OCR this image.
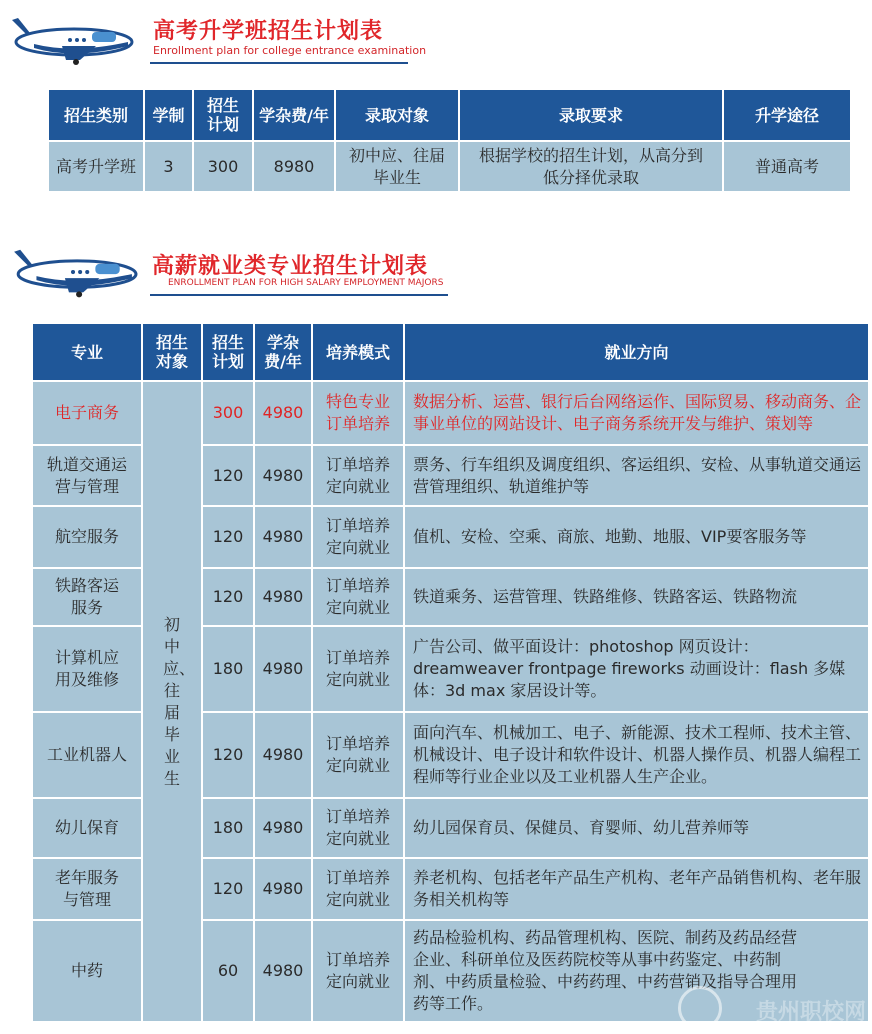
高考升学班招生计划表
Enrollment plan for college entrance examination
招生类别	学制	招生计划	学杂费/年	录取对象	录取要求	升学途径
高考升学班	3	300	8980	初中应、往届毕业生	根据学校的招生计划，从高分到低分择优录取	普通高考
高薪就业类专业招生计划表
ENROLLMENT PLAN FOR HIGH SALARY EMPLOYMENT MAJORS
专业	招生对象	招生计划	学杂费/年	培养模式	就业方向
电子商务	初中应、往届毕业生	300	4980	特色专业订单培养	数据分析、运营、银行后台网络运作、国际贸易、移动商务、企事业单位的网站设计、电子商务系统开发与维护、策划等
轨道交通运营与管理		120	4980	订单培养定向就业	票务、行车组织及调度组织、客运组织、安检、从事轨道交通运营管理组织、轨道维护等
航空服务		120	4980	订单培养定向就业	值机、安检、空乘、商旅、地勤、地服、VIP要客服务等
铁路客运服务		120	4980	订单培养定向就业	铁道乘务、运营管理、铁路维修、铁路客运、铁路物流
计算机应用及维修		180	4980	订单培养定向就业	广告公司、做平面设计：photoshop 网页设计：dreamweaver frontpage fireworks 动画设计：flash 多媒体：3d max 家居设计等。
工业机器人		120	4980	订单培养定向就业	面向汽车、机械加工、电子、新能源、技术工程师、技术主管、机械设计、电子设计和软件设计、机器人操作员、机器人编程工程师等行业企业以及工业机器人生产企业。
幼儿保育		180	4980	订单培养定向就业	幼儿园保育员、保健员、育婴师、幼儿营养师等
老年服务与管理		120	4980	订单培养定向就业	养老机构、包括老年产品生产机构、老年产品销售机构、老年服务相关机构等
中药		60	4980	订单培养定向就业	药品检验机构、药品管理机构、医院、制药及药品经营企业、科研单位及医药院校等从事中药鉴定、中药制剂、中药质量检验、中药药理、中药营销及指导合理用药等工作。	贵州职校网
